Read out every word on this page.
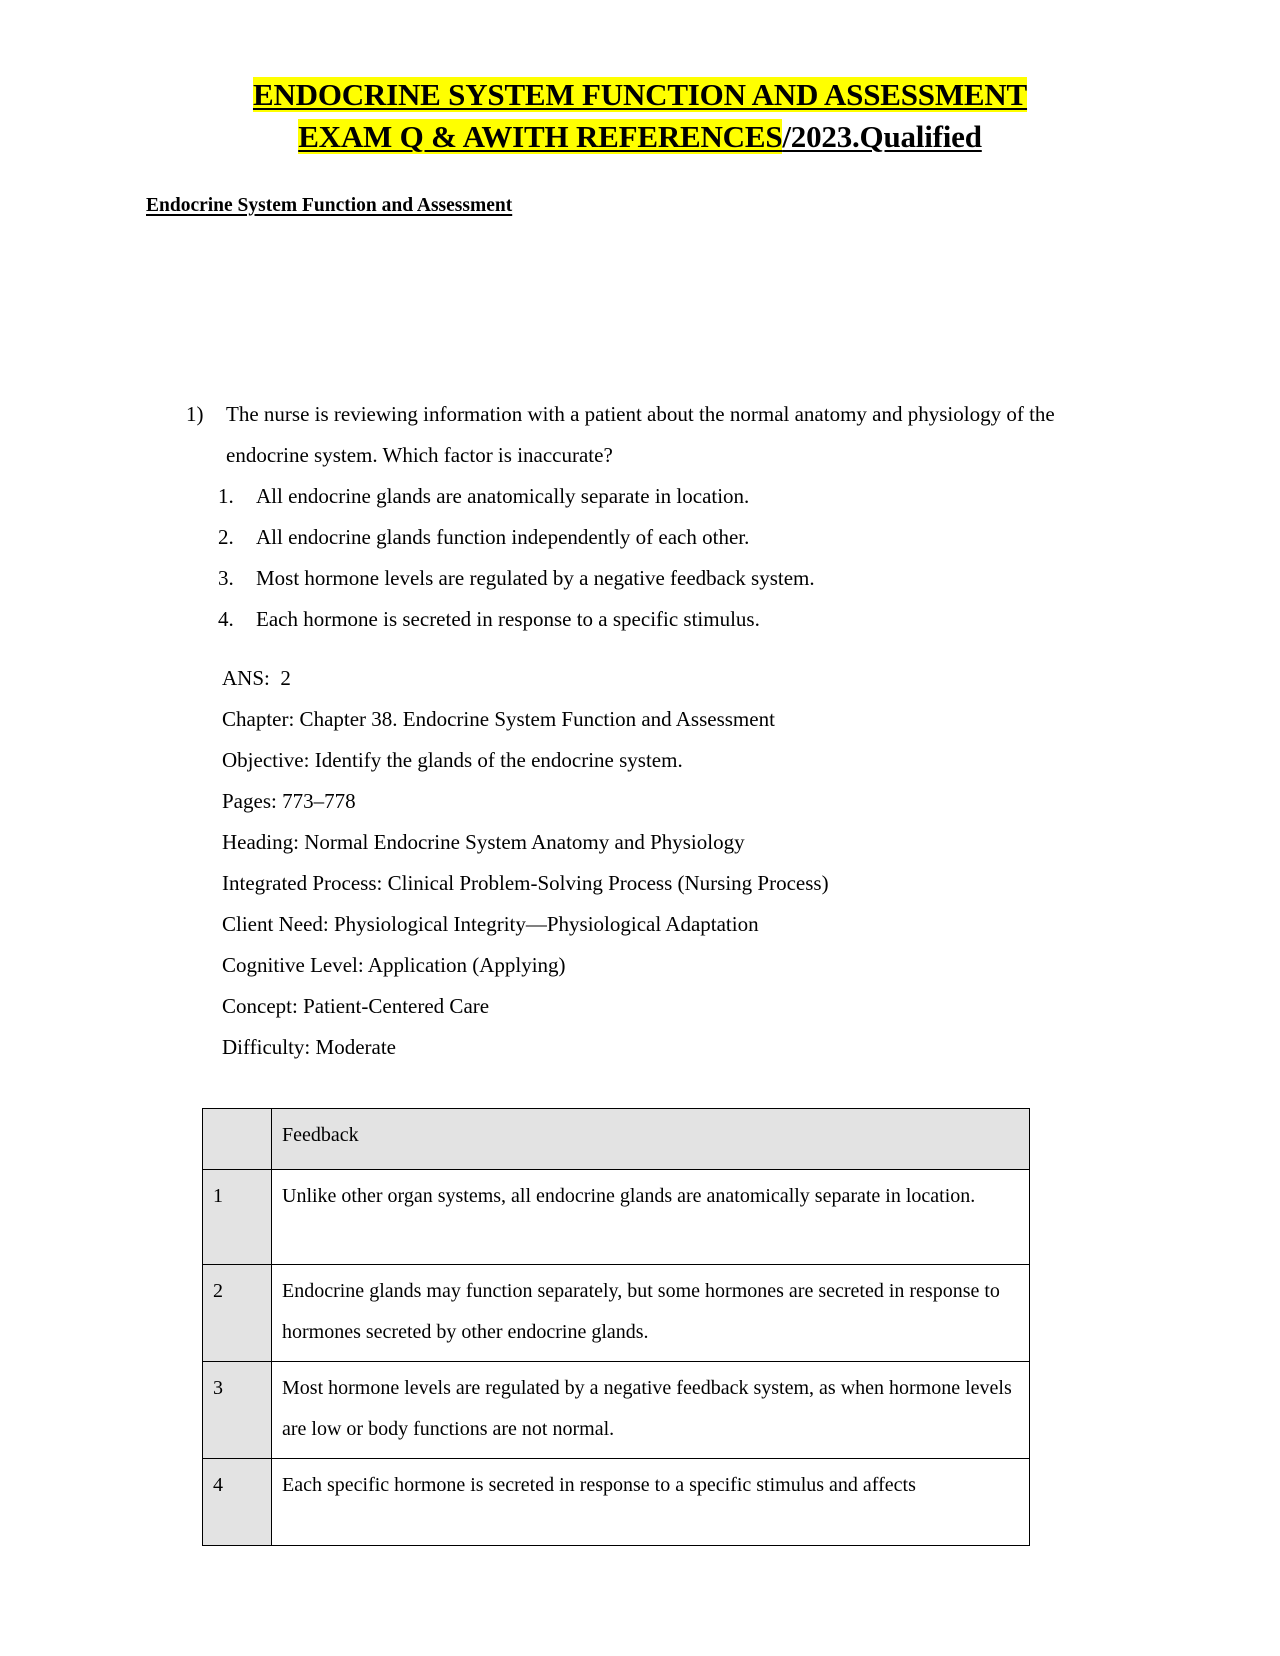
ENDOCRINE SYSTEM FUNCTION AND ASSESSMENT
EXAM Q & AWITH REFERENCES/2023.Qualified
Endocrine System Function and Assessment
1)	The nurse is reviewing information with a patient about the normal anatomy and physiology of the endocrine system. Which factor is inaccurate?
1.	All endocrine glands are anatomically separate in location.
2.	All endocrine glands function independently of each other.
3.	Most hormone levels are regulated by a negative feedback system.
4.	Each hormone is secreted in response to a specific stimulus.
ANS:  2
Chapter: Chapter 38. Endocrine System Function and Assessment
Objective: Identify the glands of the endocrine system.
Pages: 773–778
Heading: Normal Endocrine System Anatomy and Physiology
Integrated Process: Clinical Problem-Solving Process (Nursing Process)
Client Need: Physiological Integrity—Physiological Adaptation
Cognitive Level: Application (Applying)
Concept: Patient-Centered Care
Difficulty: Moderate
	Feedback
1	Unlike other organ systems, all endocrine glands are anatomically separate in location.
2	Endocrine glands may function separately, but some hormones are secreted in response to hormones secreted by other endocrine glands.
3	Most hormone levels are regulated by a negative feedback system, as when hormone levels are low or body functions are not normal.
4	Each specific hormone is secreted in response to a specific stimulus and affects
